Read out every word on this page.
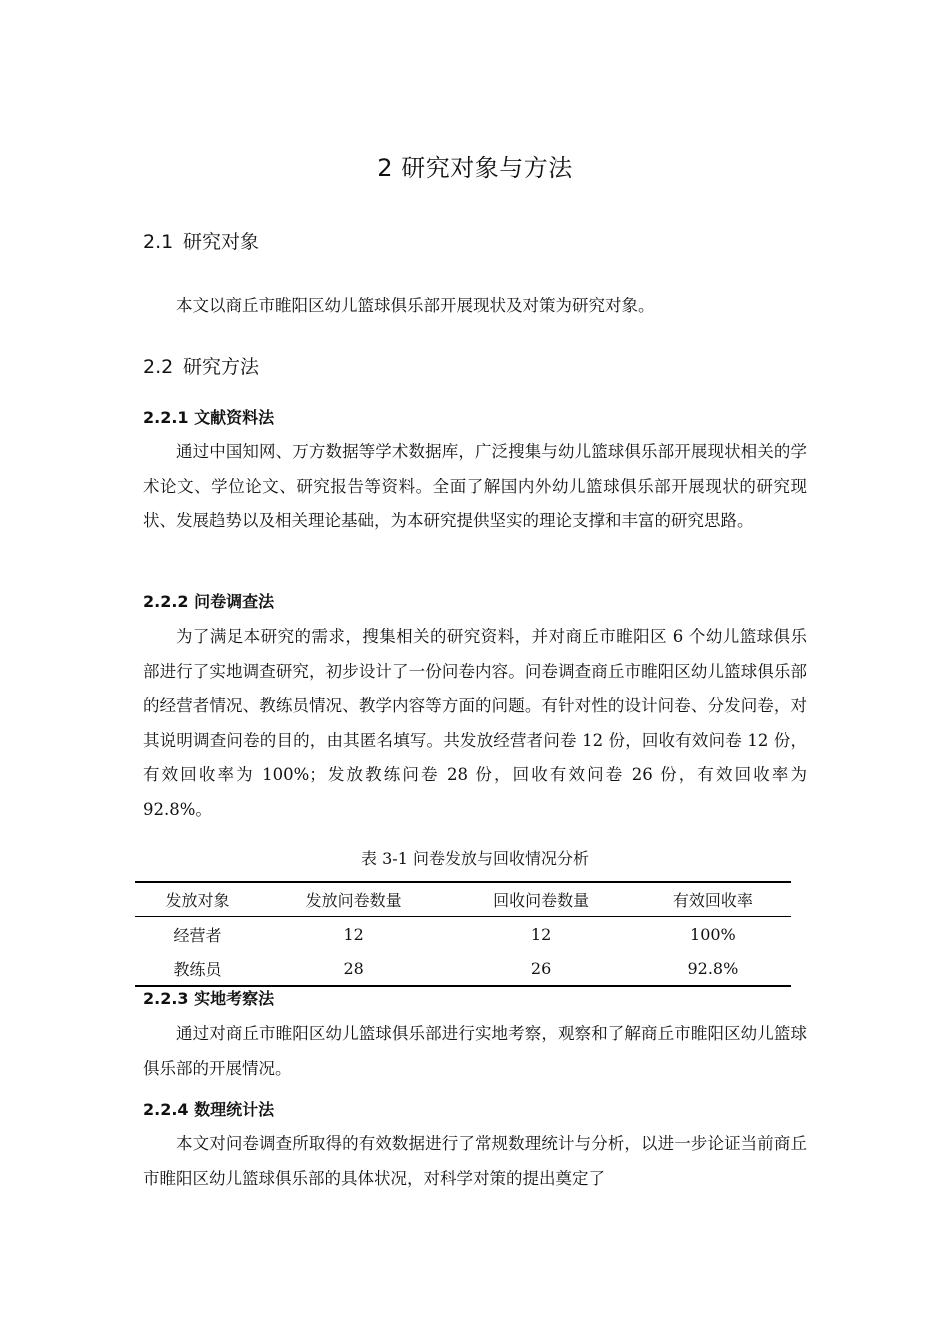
2 研究对象与方法
2.1 研究对象

本文以商丘市睢阳区幼儿篮球俱乐部开展现状及对策为研究对象。

2.2 研究方法
2.2.1 文献资料法

通过中国知网、万方数据等学术数据库，广泛搜集与幼儿篮球俱乐部开展现状相关的学术论文、学位论文、研究报告等资料。全面了解国内外幼儿篮球俱乐部开展现状的研究现状、发展趋势以及相关理论基础，为本研究提供坚实的理论支撑和丰富的研究思路。

2.2.2 问卷调查法

为了满足本研究的需求，搜集相关的研究资料，并对商丘市睢阳区 6 个幼儿篮球俱乐部进行了实地调查研究，初步设计了一份问卷内容。问卷调查商丘市睢阳区幼儿篮球俱乐部的经营者情况、教练员情况、教学内容等方面的问题。有针对性的设计问卷、分发问卷，对其说明调查问卷的目的，由其匿名填写。共发放经营者问卷 12 份，回收有效问卷 12 份，有效回收率为 100%；发放教练问卷 28 份，回收有效问卷 26 份，有效回收率为 92.8%。

表 3-1 问卷发放与回收情况分析
发放对象	发放问卷数量	回收问卷数量	有效回收率
经营者	12	12	100%
教练员	28	26	92.8%
2.2.3 实地考察法

通过对商丘市睢阳区幼儿篮球俱乐部进行实地考察，观察和了解商丘市睢阳区幼儿篮球俱乐部的开展情况。

2.2.4 数理统计法

本文对问卷调查所取得的有效数据进行了常规数理统计与分析，以进一步论证当前商丘市睢阳区幼儿篮球俱乐部的具体状况，对科学对策的提出奠定了
